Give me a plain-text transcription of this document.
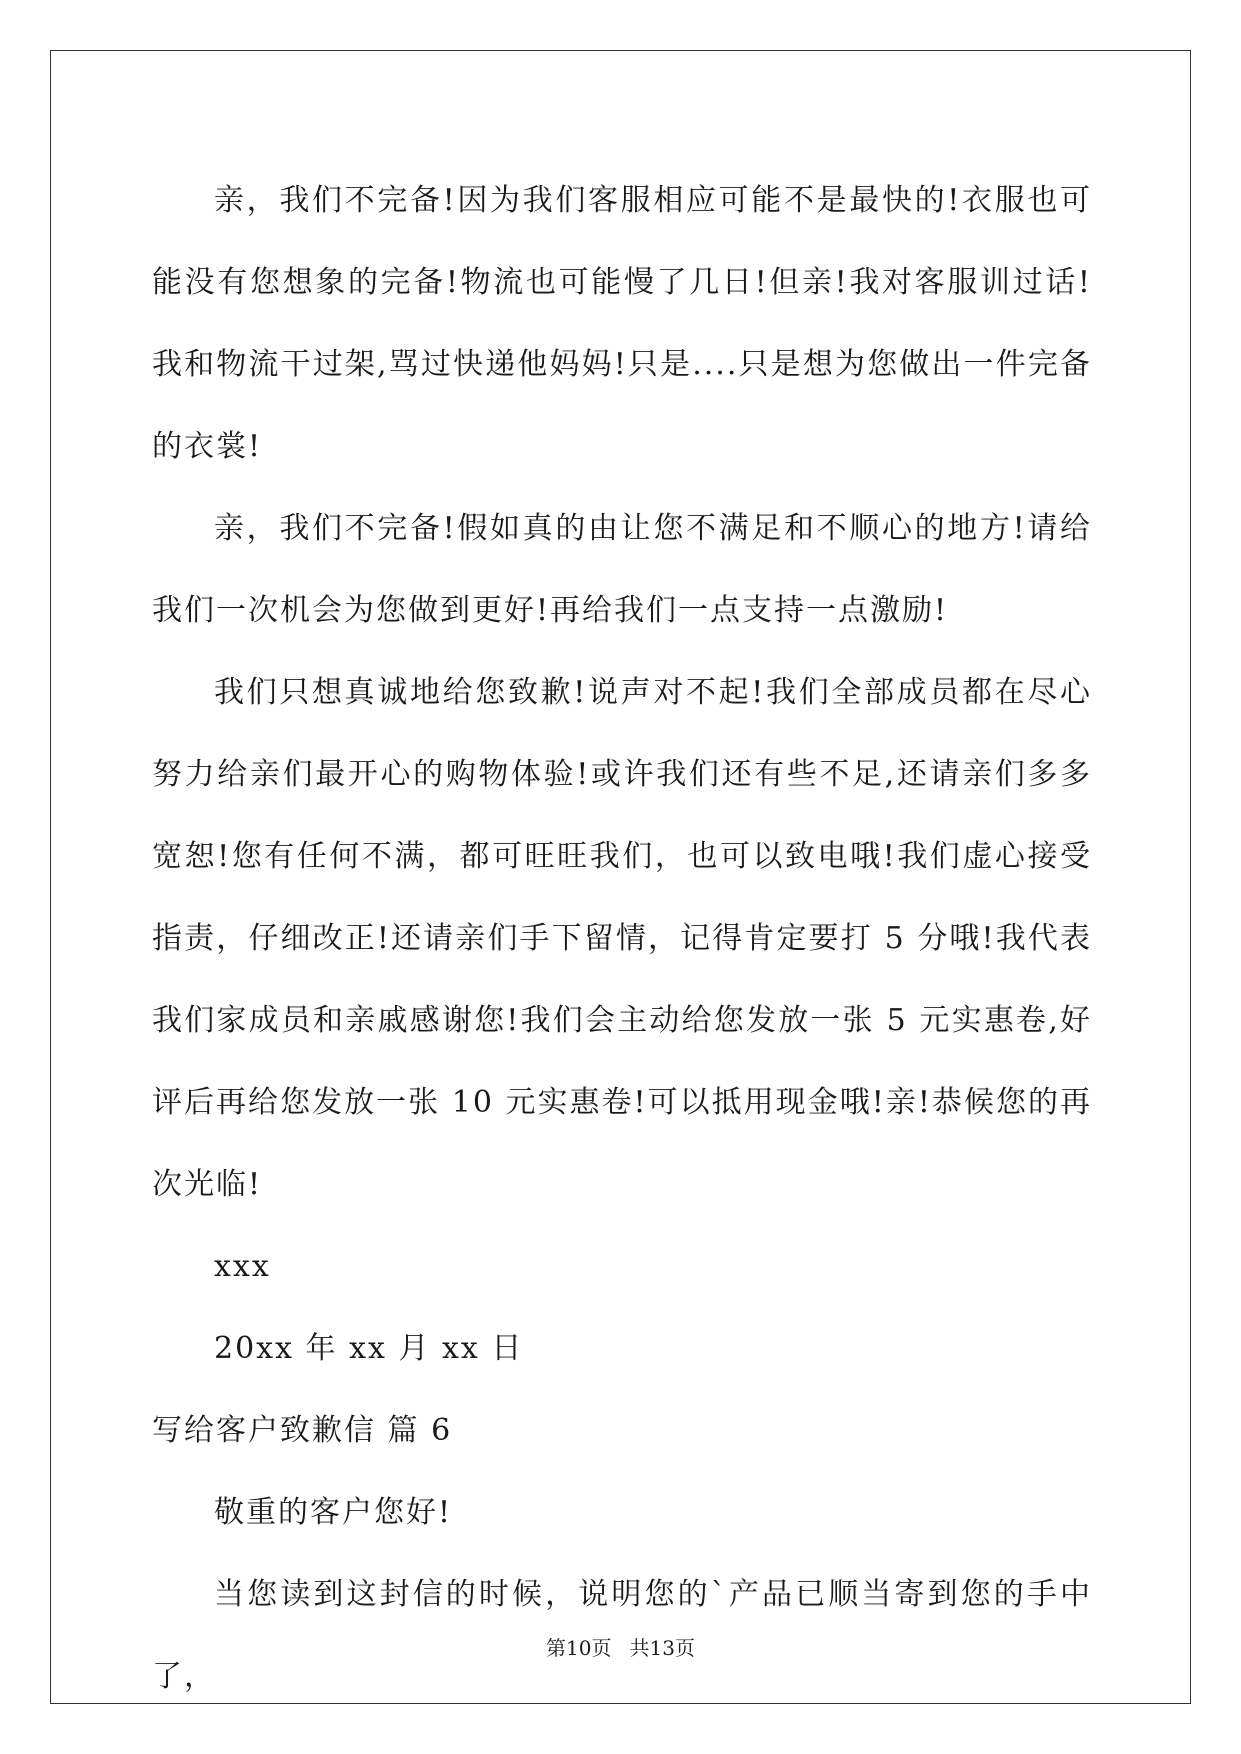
亲，我们不完备!因为我们客服相应可能不是最快的!衣服也可能没有您想象的完备!物流也可能慢了几日!但亲!我对客服训过话!我和物流干过架,骂过快递他妈妈!只是....只是想为您做出一件完备的衣裳!

亲，我们不完备!假如真的由让您不满足和不顺心的地方!请给我们一次机会为您做到更好!再给我们一点支持一点激励!

我们只想真诚地给您致歉!说声对不起!我们全部成员都在尽心努力给亲们最开心的购物体验!或许我们还有些不足,还请亲们多多宽恕!您有任何不满，都可旺旺我们，也可以致电哦!我们虚心接受指责，仔细改正!还请亲们手下留情，记得肯定要打 5 分哦!我代表我们家成员和亲戚感谢您!我们会主动给您发放一张 5 元实惠卷,好评后再给您发放一张 10 元实惠卷!可以抵用现金哦!亲!恭候您的再次光临!

xxx

20xx 年 xx 月 xx 日

写给客户致歉信 篇 6

敬重的客户您好!

当您读到这封信的时候，说明您的`产品已顺当寄到您的手中了，

第10页 共13页
